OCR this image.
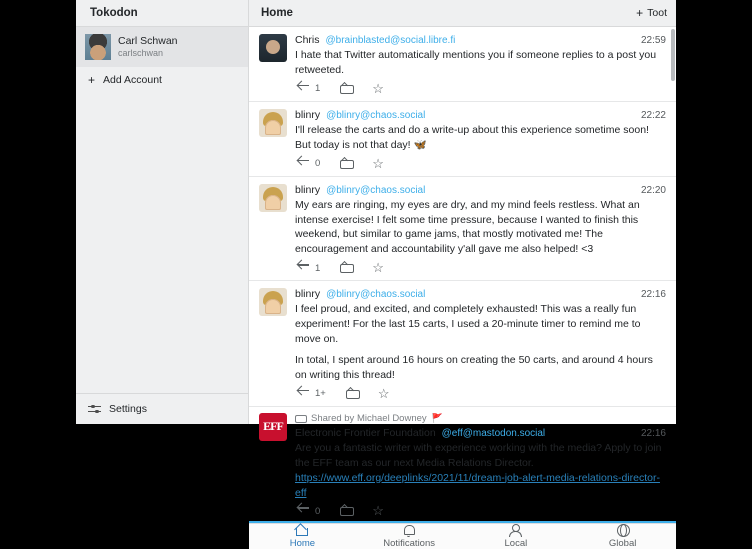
Tokodon	Home	+ Toot
Carl Schwan
carlschwan
+ Add Account
Settings
Chris @brainblasted@social.libre.fi	22:59
I hate that Twitter automatically mentions you if someone replies to a post you retweeted.
1	☆
blinry @blinry@chaos.social	22:22
I'll release the carts and do a write-up about this experience sometime soon! But today is not that day! 🦋
0	☆
blinry @blinry@chaos.social	22:20
My ears are ringing, my eyes are dry, and my mind feels restless. What an intense exercise! I felt some time pressure, because I wanted to finish this weekend, but similar to game jams, that mostly motivated me! The encouragement and accountability y'all gave me also helped! <3
1	☆
blinry @blinry@chaos.social	22:16

I feel proud, and excited, and completely exhausted! This was a really fun experiment! For the last 15 carts, I used a 20-minute timer to remind me to move on.

In total, I spent around 16 hours on creating the 50 carts, and around 4 hours on writing this thread!

1+	☆
EFF
Shared by Michael Downey 🚩
Electronic Frontier Foundation @eff@mastodon.social	22:16
Are you a fantastic writer with experience working with the media? Apply to join the EFF team as our next Media Relations Director. https://www.eff.org/deeplinks/2021/11/dream-job-alert-media-relations-director-eff
0	☆
Home	Notifications	Local	Global
